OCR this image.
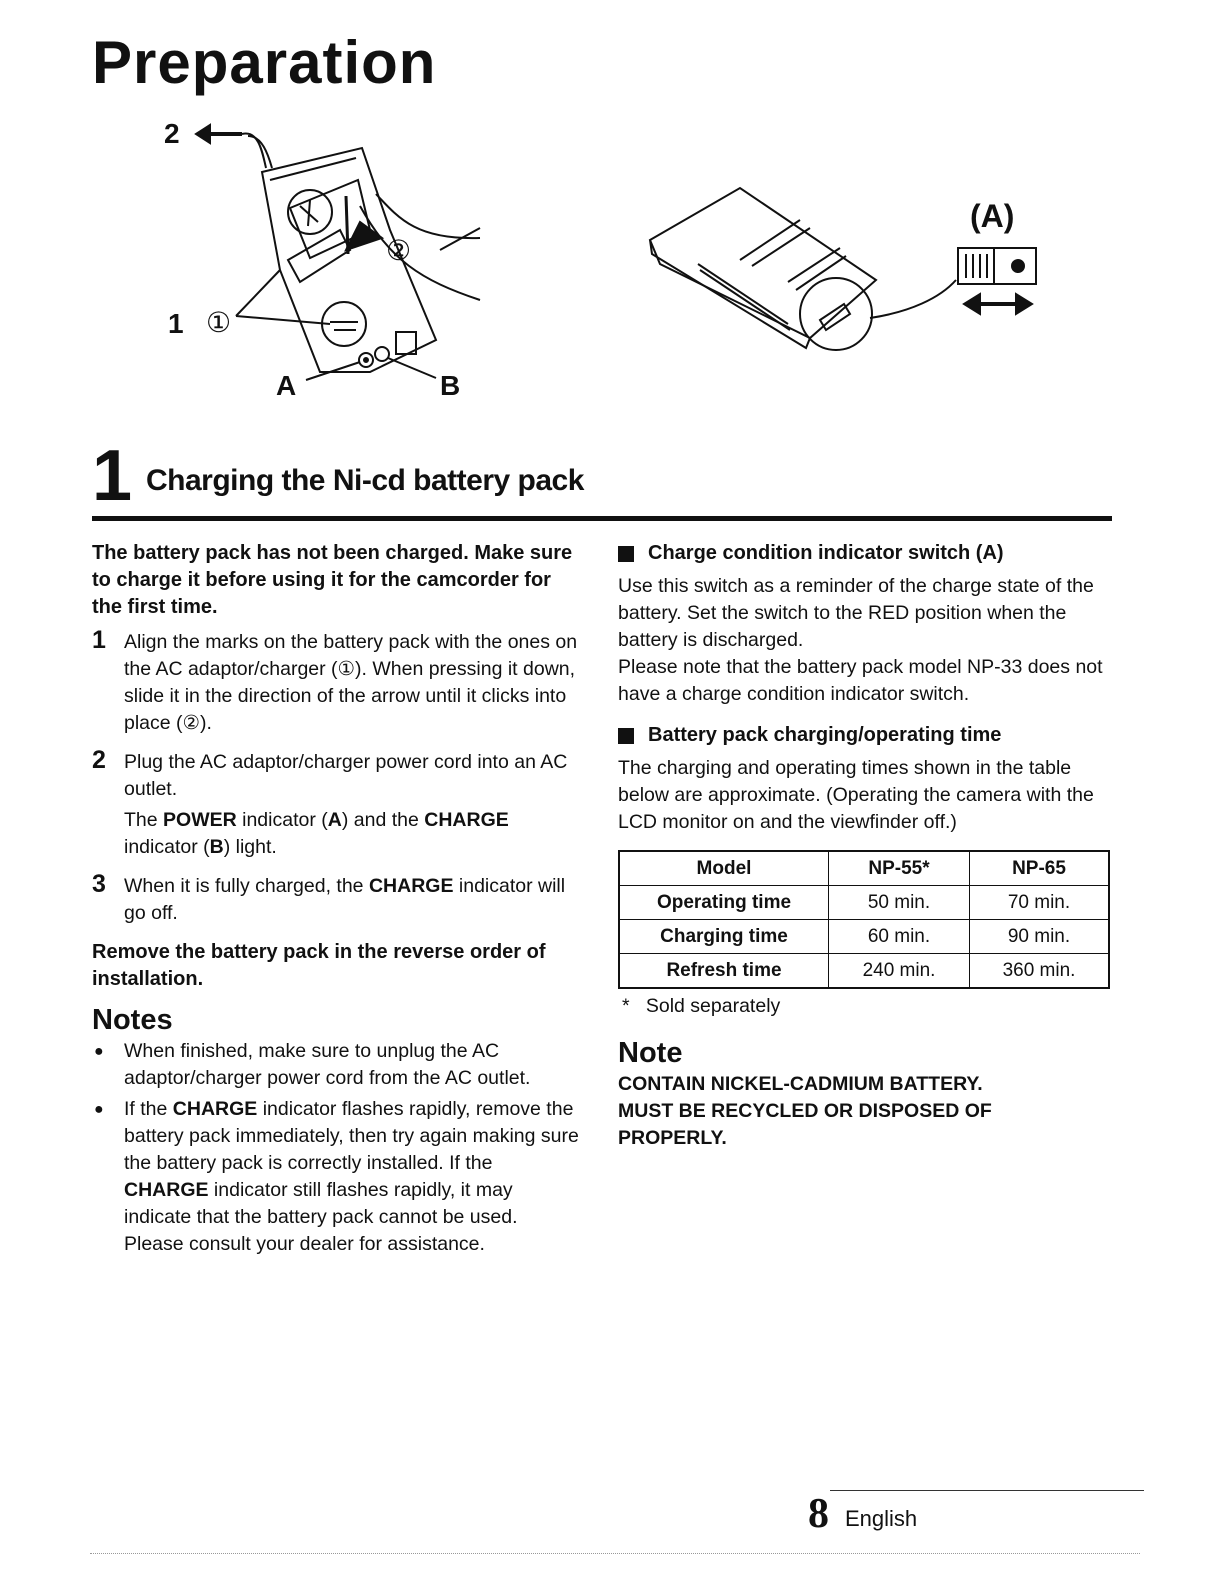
Preparation
2
1 ①
②
A	B
(A)
1 Charging the Ni-cd battery pack

The battery pack has not been charged. Make sure to charge it before using it for the camcorder for the first time.

1 Align the marks on the battery pack with the ones on the AC adaptor/charger (①). When pressing it down, slide it in the direction of the arrow until it clicks into place (②).

2 Plug the AC adaptor/charger power cord into an AC outlet.

The POWER indicator (A) and the CHARGE indicator (B) light.

3 When it is fully charged, the CHARGE indicator will go off.

Remove the battery pack in the reverse order of installation.

Notes
● When finished, make sure to unplug the AC adaptor/charger power cord from the AC outlet.
● If the CHARGE indicator flashes rapidly, remove the battery pack immediately, then try again making sure the battery pack is correctly installed. If the CHARGE indicator still flashes rapidly, it may indicate that the battery pack cannot be used. Please consult your dealer for assistance.
Charge condition indicator switch (A)

Use this switch as a reminder of the charge state of the battery. Set the switch to the RED position when the battery is discharged.

Please note that the battery pack model NP-33 does not have a charge condition indicator switch.

Battery pack charging/operating time

The charging and operating times shown in the table below are approximate. (Operating the camera with the LCD monitor on and the viewfinder off.)

Model	NP-55*	NP-65
Operating time	50 min.	70 min.
Charging time	60 min.	90 min.
Refresh time	240 min.	360 min.

* Sold separately

Note

CONTAIN NICKEL-CADMIUM BATTERY.

MUST BE RECYCLED OR DISPOSED OF

PROPERLY.

8 English
